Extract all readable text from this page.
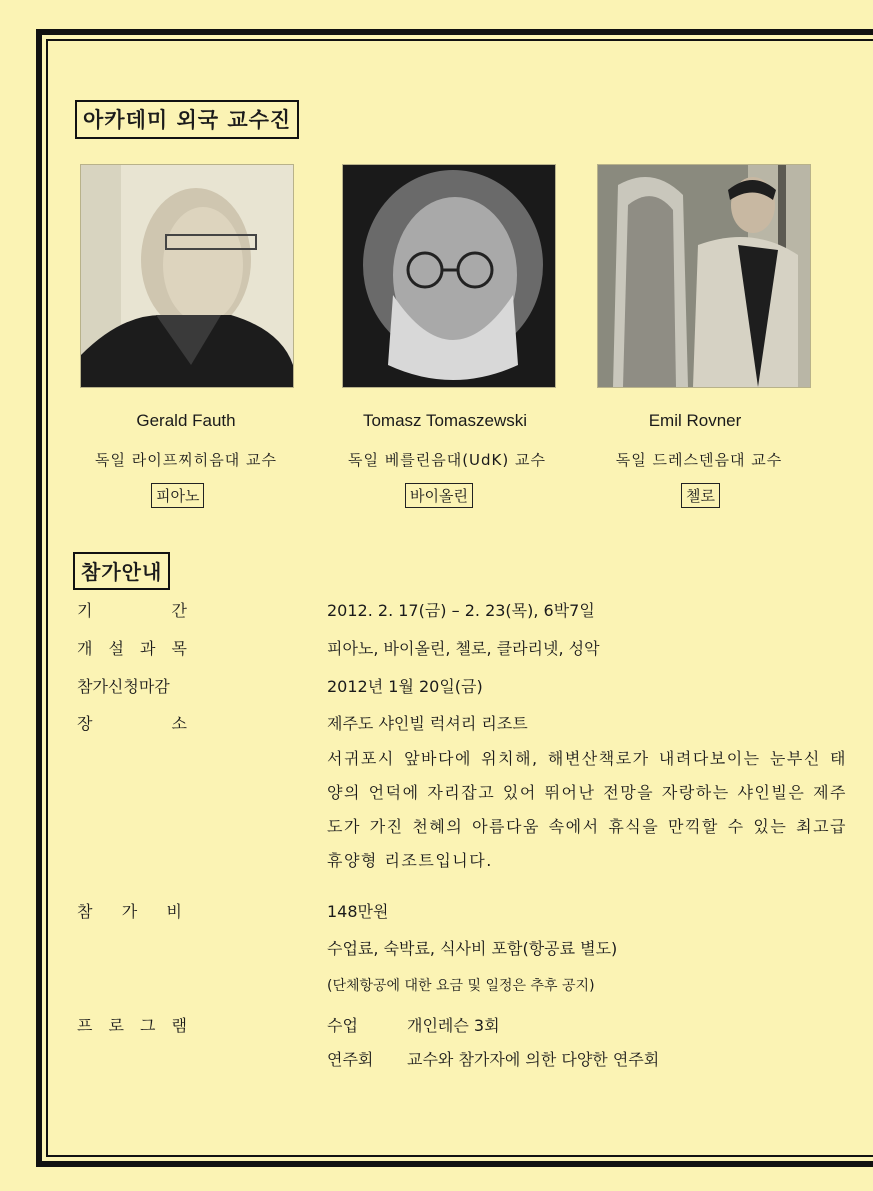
아카데미 외국 교수진
Gerald Fauth	Tomasz Tomaszewski	Emil Rovner
독일 라이프찌히음대 교수	독일 베를린음대(UdK) 교수	독일 드레스덴음대 교수
피아노	바이올린	첼로
참가안내
기	간	2012. 2. 17(금) – 2. 23(목), 6박7일
개 설 과 목	피아노, 바이올린, 첼로, 클라리넷, 성악
참가신청마감	2012년 1월 20일(금)
장	소	제주도 샤인빌 럭셔리 리조트
서귀포시 앞바다에 위치해, 해변산책로가 내려다보이는 눈부신 태양의 언덕에 자리잡고 있어 뛰어난 전망을 자랑하는 샤인빌은 제주도가 가진 천혜의 아름다움 속에서 휴식을 만끽할 수 있는 최고급 휴양형 리조트입니다.
참 가 비	148만원
수업료, 숙박료, 식사비 포함(항공료 별도)
(단체항공에 대한 요금 및 일정은 추후 공지)
프 로 그 램	수업	개인레슨 3회
연주회 교수와 참가자에 의한 다양한 연주회
